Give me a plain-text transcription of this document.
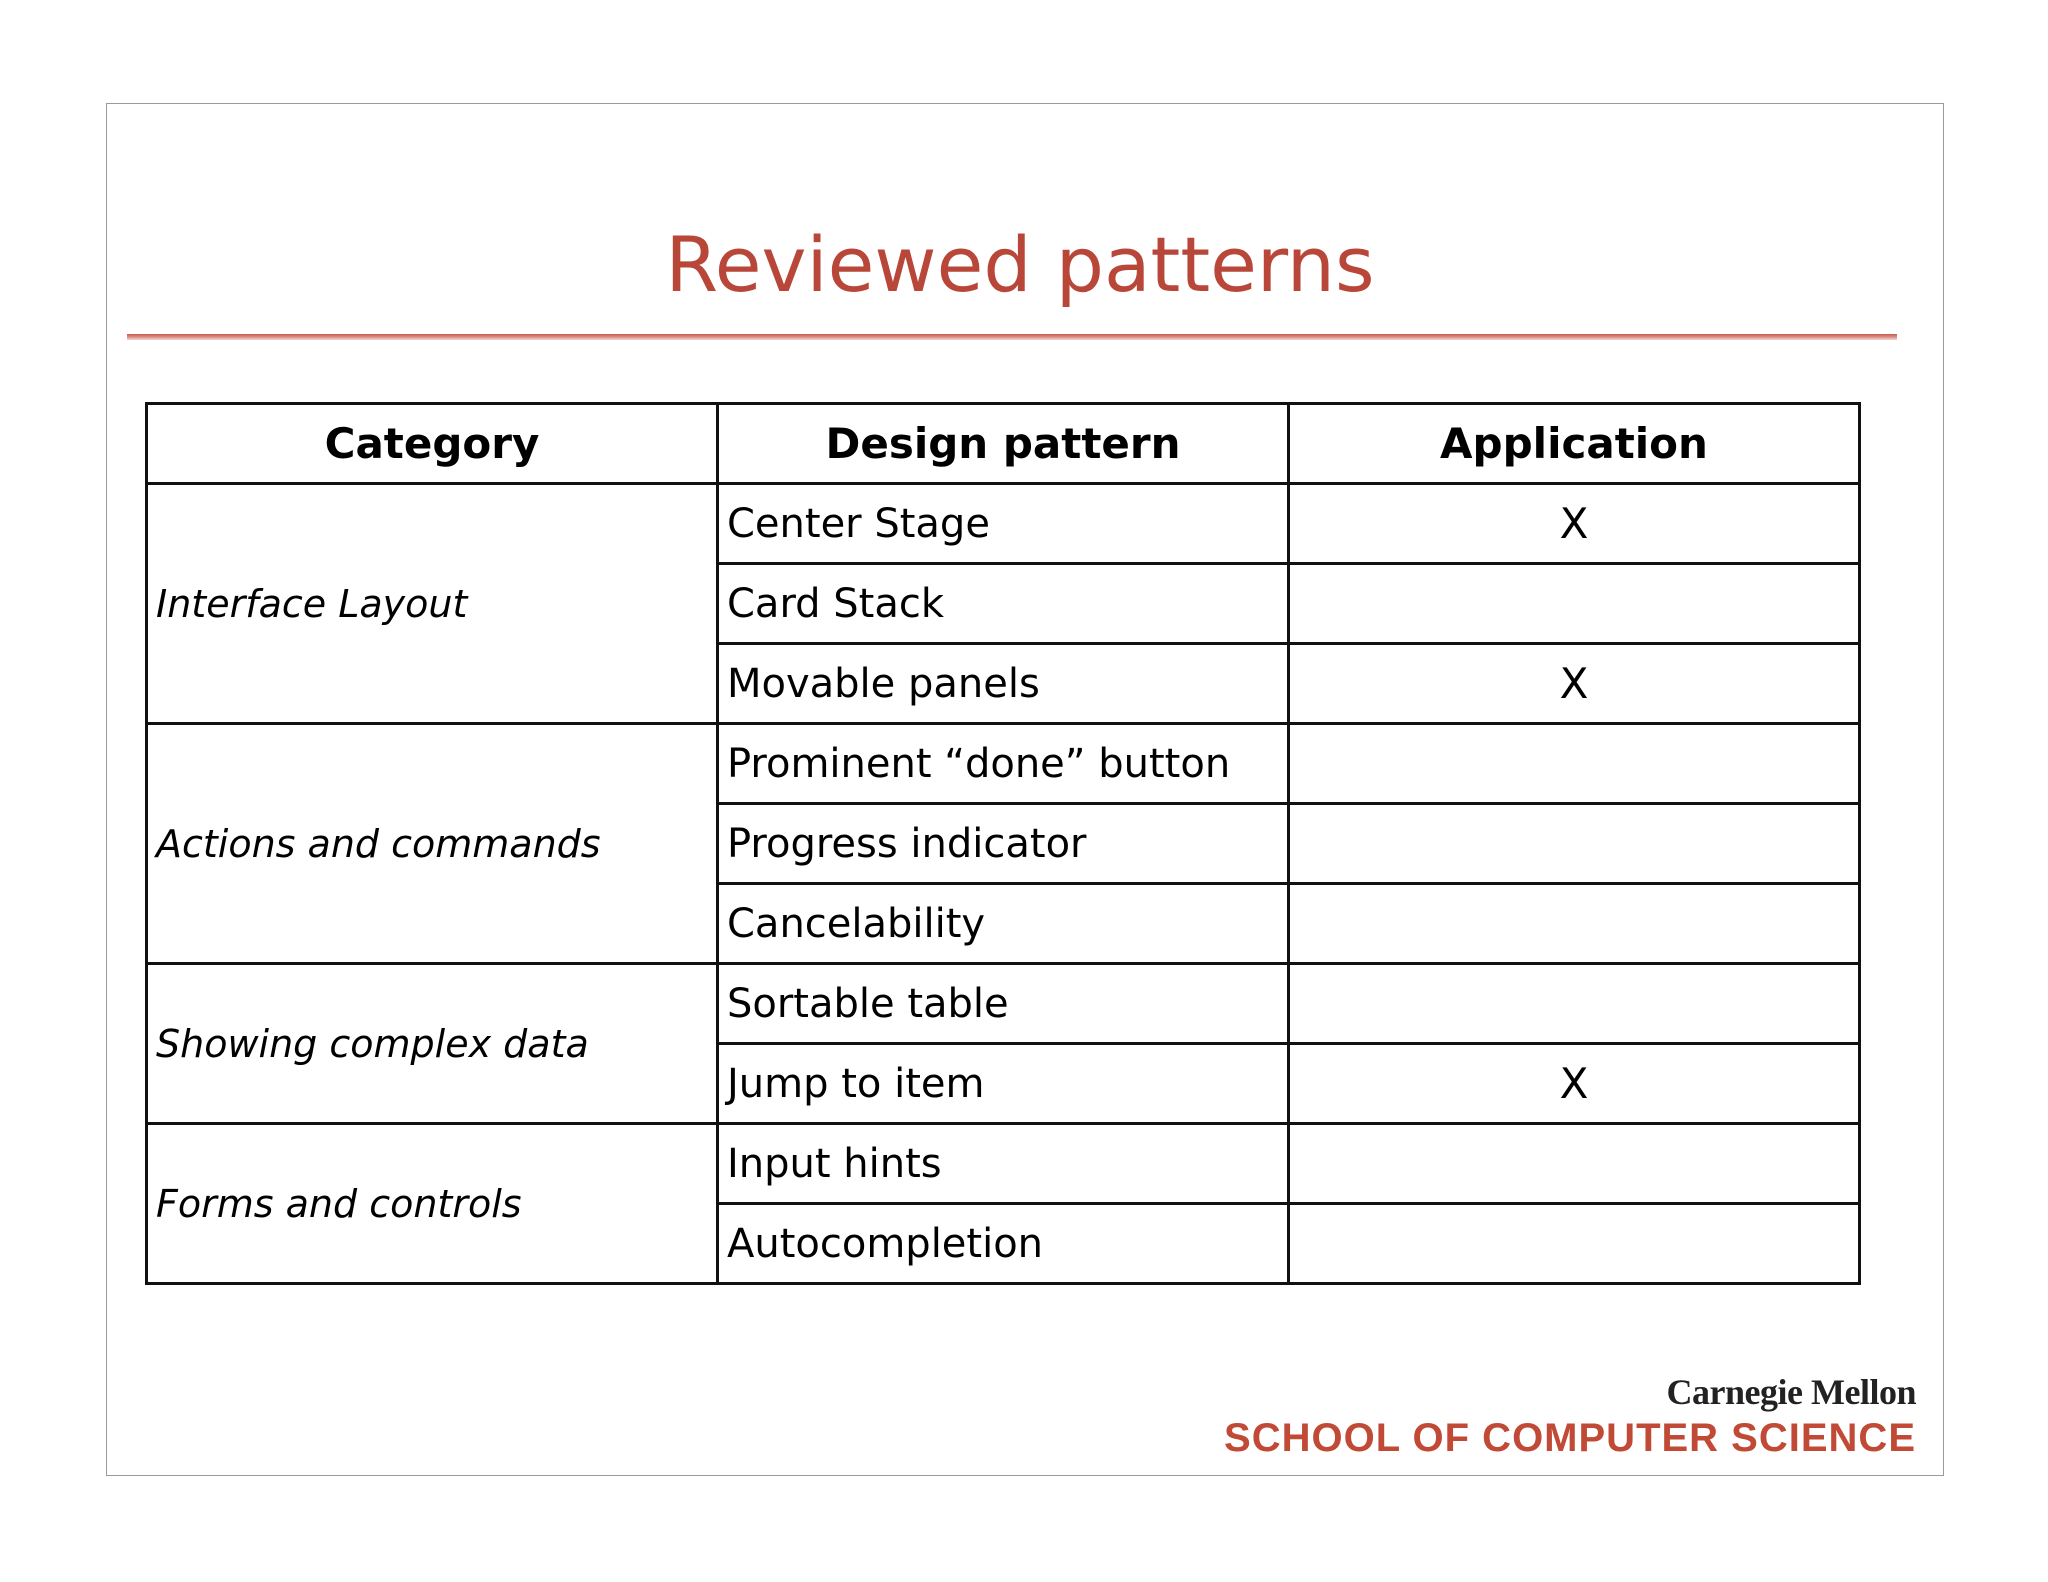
Reviewed patterns
Category	Design pattern	Application
Interface Layout	Center Stage	X
	Card Stack	
	Movable panels	X
Actions and commands	Prominent “done” button	
	Progress indicator	
	Cancelability	
Showing complex data	Sortable table	
	Jump to item	X
Forms and controls	Input hints	
	Autocompletion	
Carnegie Mellon
SCHOOL OF COMPUTER SCIENCE
